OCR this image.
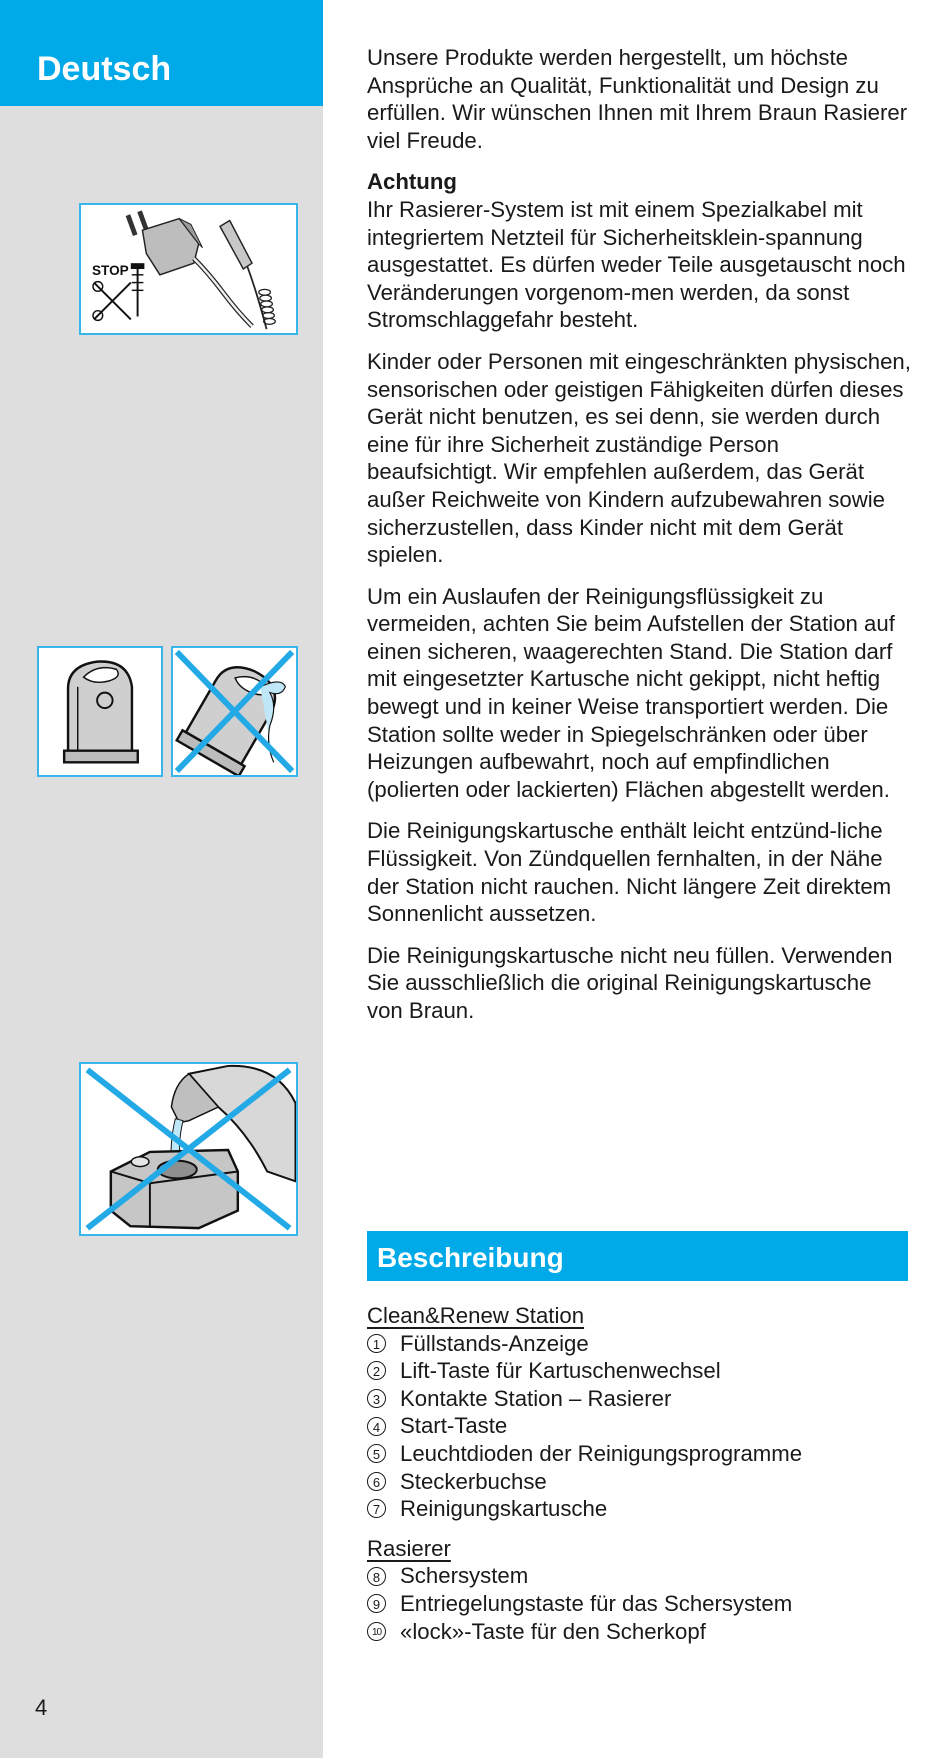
Deutsch
STOP
4

Unsere Produkte werden hergestellt, um höchste Ansprüche an Qualität, Funktionalität und Design zu erfüllen. Wir wünschen Ihnen mit Ihrem Braun Rasierer viel Freude.

Achtung

Ihr Rasierer-System ist mit einem Spezialkabel mit integriertem Netzteil für Sicherheitsklein-spannung ausgestattet. Es dürfen weder Teile ausgetauscht noch Veränderungen vorgenom-men werden, da sonst Stromschlaggefahr besteht.

Kinder oder Personen mit eingeschränkten physischen, sensorischen oder geistigen Fähigkeiten dürfen dieses Gerät nicht benutzen, es sei denn, sie werden durch eine für ihre Sicherheit zuständige Person beaufsichtigt. Wir empfehlen außerdem, das Gerät außer Reichweite von Kindern aufzubewahren sowie sicherzustellen, dass Kinder nicht mit dem Gerät spielen.

Um ein Auslaufen der Reinigungsflüssigkeit zu vermeiden, achten Sie beim Aufstellen der Station auf einen sicheren, waagerechten Stand. Die Station darf mit eingesetzter Kartusche nicht gekippt, nicht heftig bewegt und in keiner Weise transportiert werden. Die Station sollte weder in Spiegelschränken oder über Heizungen aufbewahrt, noch auf empfindlichen (polierten oder lackierten) Flächen abgestellt werden.

Die Reinigungskartusche enthält leicht entzünd-liche Flüssigkeit. Von Zündquellen fernhalten, in der Nähe der Station nicht rauchen. Nicht längere Zeit direktem Sonnenlicht aussetzen.

Die Reinigungskartusche nicht neu füllen. Verwenden Sie ausschließlich die original Reinigungskartusche von Braun.

Beschreibung
Clean&Renew Station
1 Füllstands-Anzeige
2 Lift-Taste für Kartuschenwechsel
3 Kontakte Station – Rasierer
4 Start-Taste
5 Leuchtdioden der Reinigungsprogramme
6 Steckerbuchse
7 Reinigungskartusche
Rasierer
8 Schersystem
9 Entriegelungstaste für das Schersystem
10 «lock»-Taste für den Scherkopf
